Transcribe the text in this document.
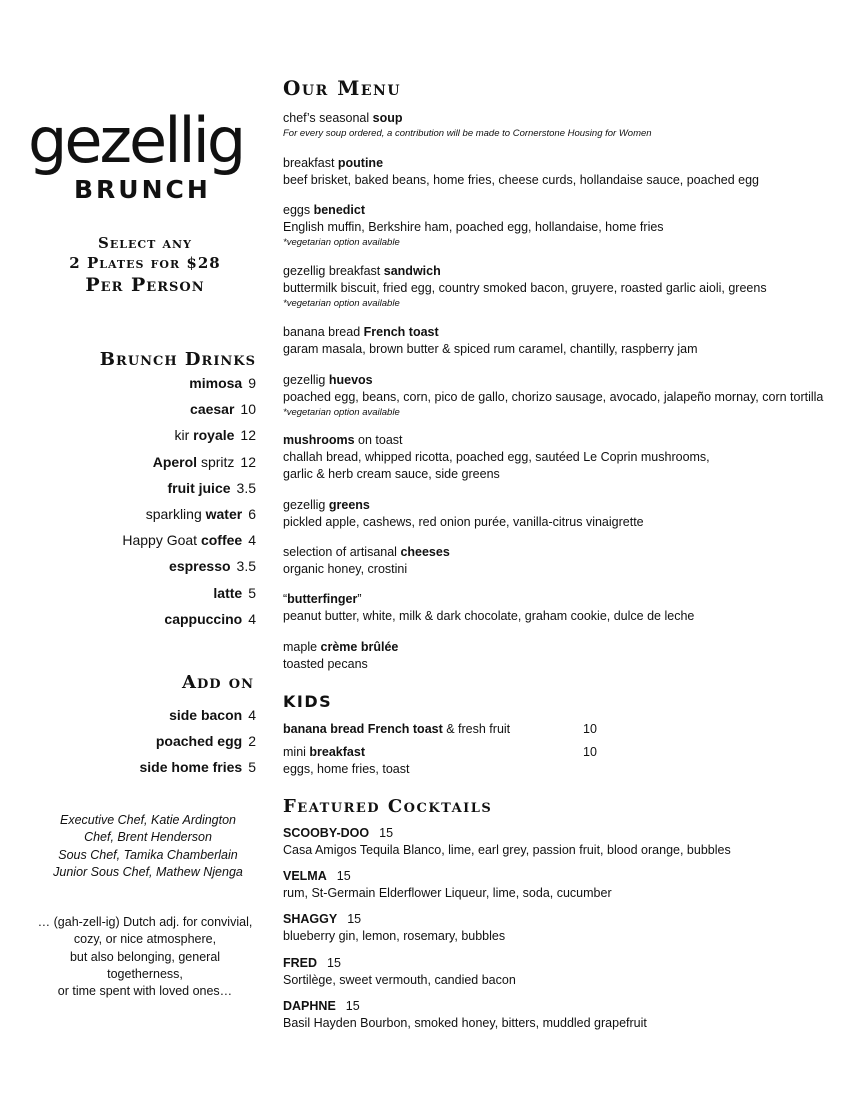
gezellig
BRUNCH
Select any
2 Plates for $28
Per Person
Brunch Drinks
mimosa 9
caesar 10
kir royale 12
Aperol spritz 12
fruit juice 3.5
sparkling water 6
Happy Goat coffee 4
espresso 3.5
latte 5
cappuccino 4
Add on
side bacon 4
poached egg 2
side home fries 5
Executive Chef, Katie Ardington
Chef, Brent Henderson
Sous Chef, Tamika Chamberlain
Junior Sous Chef, Mathew Njenga
… (gah-zell-ig) Dutch adj. for convivial,
cozy, or nice atmosphere,
but also belonging, general
togetherness,
or time spent with loved ones…
Our Menu
chef’s seasonal soup
For every soup ordered, a contribution will be made to Cornerstone Housing for Women
breakfast poutine
beef brisket, baked beans, home fries, cheese curds, hollandaise sauce, poached egg
eggs benedict
English muffin, Berkshire ham, poached egg, hollandaise, home fries
*vegetarian option available
gezellig breakfast sandwich
buttermilk biscuit, fried egg, country smoked bacon, gruyere, roasted garlic aioli, greens
*vegetarian option available
banana bread French toast
garam masala, brown butter & spiced rum caramel, chantilly, raspberry jam
gezellig huevos
poached egg, beans, corn, pico de gallo, chorizo sausage, avocado, jalapeño mornay, corn tortilla
*vegetarian option available
mushrooms on toast
challah bread, whipped ricotta, poached egg, sautéed Le Coprin mushrooms,
garlic & herb cream sauce, side greens
gezellig greens
pickled apple, cashews, red onion purée, vanilla-citrus vinaigrette
selection of artisanal cheeses
organic honey, crostini
“butterfinger”
peanut butter, white, milk & dark chocolate, graham cookie, dulce de leche
maple crème brûlée
toasted pecans
KIDS
banana bread French toast & fresh fruit	10
mini breakfast	10
eggs, home fries, toast
Featured Cocktails
SCOOBY-DOO 15
Casa Amigos Tequila Blanco, lime, earl grey, passion fruit, blood orange, bubbles
VELMA 15
rum, St-Germain Elderflower Liqueur, lime, soda, cucumber
SHAGGY 15
blueberry gin, lemon, rosemary, bubbles
FRED 15
Sortilège, sweet vermouth, candied bacon
DAPHNE 15
Basil Hayden Bourbon, smoked honey, bitters, muddled grapefruit
